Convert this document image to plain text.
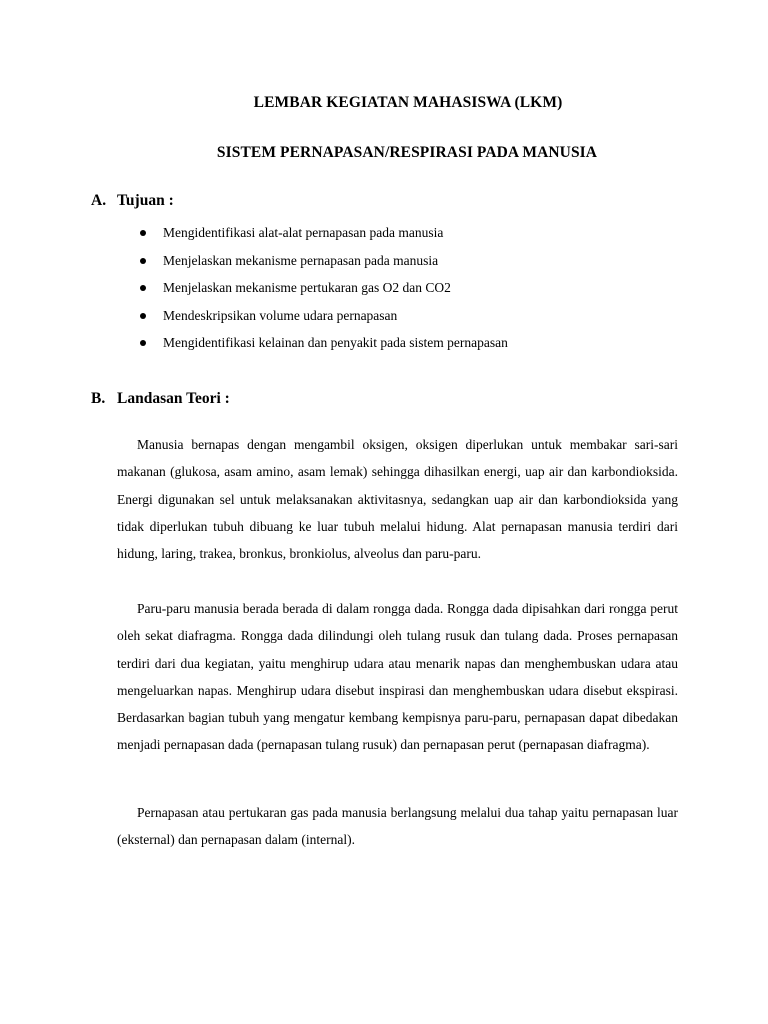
LEMBAR KEGIATAN MAHASISWA (LKM)
SISTEM PERNAPASAN/RESPIRASI PADA MANUSIA
A. Tujuan :
Mengidentifikasi alat-alat pernapasan pada manusia
Menjelaskan mekanisme pernapasan pada manusia
Menjelaskan mekanisme pertukaran gas O2 dan CO2
Mendeskripsikan volume udara pernapasan
Mengidentifikasi kelainan dan penyakit pada sistem pernapasan
B. Landasan Teori :

Manusia bernapas dengan mengambil oksigen, oksigen diperlukan untuk membakar sari-sari makanan (glukosa, asam amino, asam lemak) sehingga dihasilkan energi, uap air dan karbondioksida. Energi digunakan sel untuk melaksanakan aktivitasnya, sedangkan uap air dan karbondioksida yang tidak diperlukan tubuh dibuang ke luar tubuh melalui hidung. Alat pernapasan manusia terdiri dari hidung, laring, trakea, bronkus, bronkiolus, alveolus dan paru-paru.

Paru-paru manusia berada berada di dalam rongga dada. Rongga dada dipisahkan dari rongga perut oleh sekat diafragma. Rongga dada dilindungi oleh tulang rusuk dan tulang dada. Proses pernapasan terdiri dari dua kegiatan, yaitu menghirup udara atau menarik napas dan menghembuskan udara atau mengeluarkan napas. Menghirup udara disebut inspirasi dan menghembuskan udara disebut ekspirasi. Berdasarkan bagian tubuh yang mengatur kembang kempisnya paru-paru, pernapasan dapat dibedakan menjadi pernapasan dada (pernapasan tulang rusuk) dan pernapasan perut (pernapasan diafragma).

Pernapasan atau pertukaran gas pada manusia berlangsung melalui dua tahap yaitu pernapasan luar (eksternal) dan pernapasan dalam (internal).
